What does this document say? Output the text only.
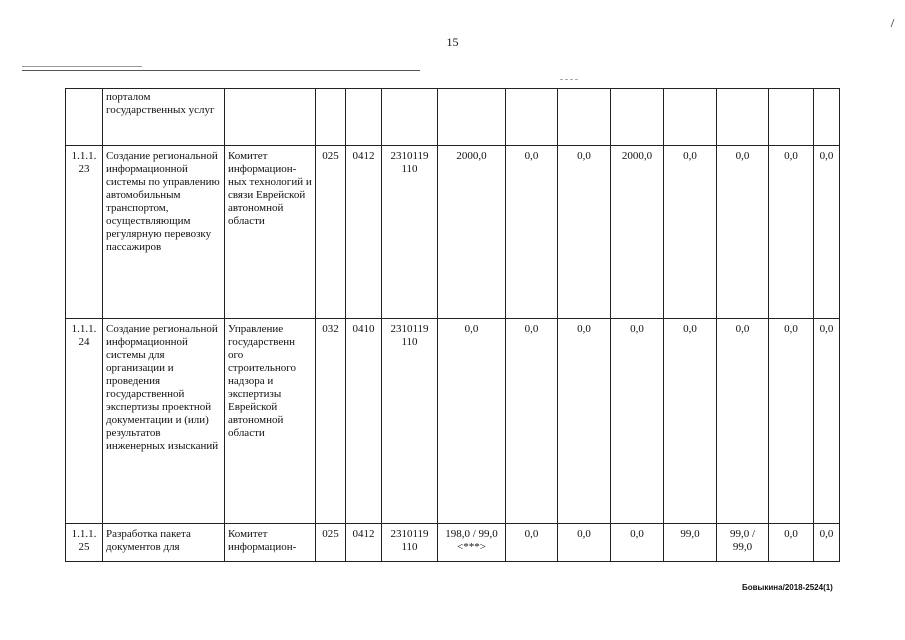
15
	порталом государственных услуг												
1.1.1. 23	Создание региональной информационной системы по управлению автомобильным транспортом, осуществляющим регулярную перевозку пассажиров	Комитет информацион-ных технологий и связи Еврейской автономной области	025	0412	2310119 110	2000,0	0,0	0,0	2000,0	0,0	0,0	0,0	0,0
1.1.1. 24	Создание региональной информационной системы для организации и проведения государственной экспертизы проектной документации и (или) результатов инженерных изысканий	Управление государственн ого строительного надзора и экспертизы Еврейской автономной области	032	0410	2310119 110	0,0	0,0	0,0	0,0	0,0	0,0	0,0	0,0
1.1.1. 25	Разработка пакета документов для	Комитет информацион-	025	0412	2310119 110	198,0 / 99,0 <***>	0,0	0,0	0,0	99,0	99,0 / 99,0	0,0	0,0
Бовыкина/2018-2524(1)
